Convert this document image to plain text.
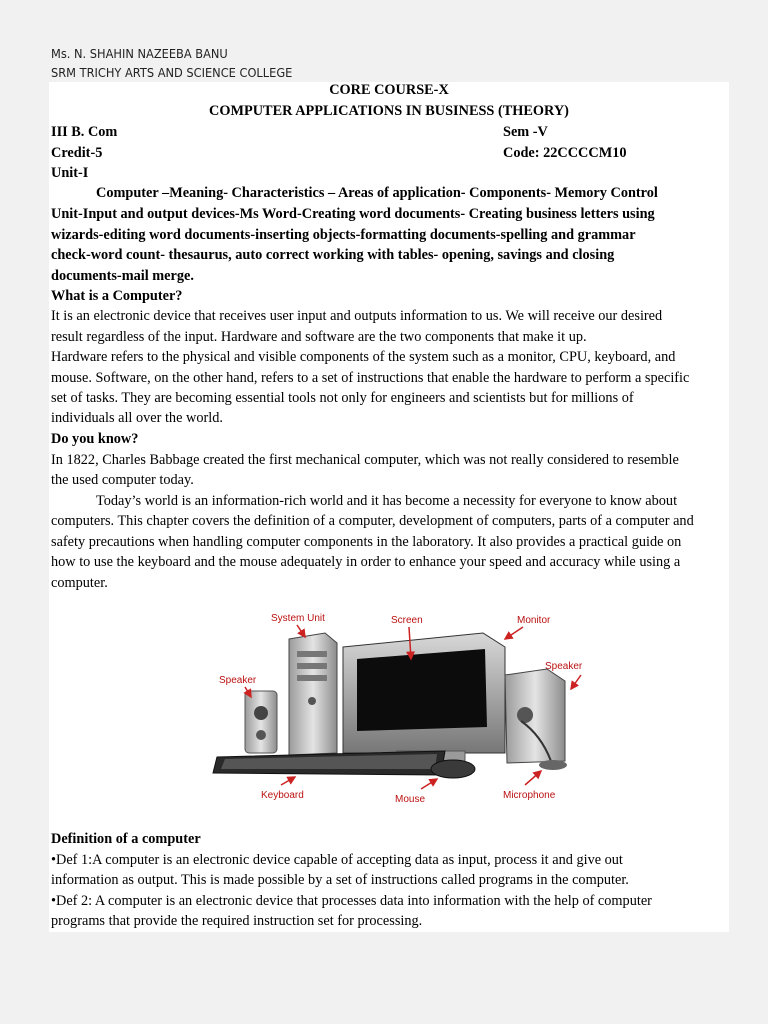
Ms. N. SHAHIN NAZEEBA BANU
SRM TRICHY ARTS AND SCIENCE COLLEGE
CORE COURSE-X
COMPUTER APPLICATIONS IN BUSINESS (THEORY)
III B. Com	Sem -V
Credit-5	Code: 22CCCCM10
Unit-I
Computer –Meaning- Characteristics – Areas of application- Components- Memory Control
Unit-Input and output devices-Ms Word-Creating word documents- Creating business letters using
wizards-editing word documents-inserting objects-formatting documents-spelling and grammar
check-word count- thesaurus, auto correct working with tables- opening, savings and closing
documents-mail merge.
What is a Computer?
It is an electronic device that receives user input and outputs information to us. We will receive our desired
result regardless of the input. Hardware and software are the two components that make it up.
Hardware refers to the physical and visible components of the system such as a monitor, CPU, keyboard, and
mouse. Software, on the other hand, refers to a set of instructions that enable the hardware to perform a specific
set of tasks. They are becoming essential tools not only for engineers and scientists but for millions of
individuals all over the world.
Do you know?
In 1822, Charles Babbage created the first mechanical computer, which was not really considered to resemble
the used computer today.
Today’s world is an information-rich world and it has become a necessity for everyone to know about
computers. This chapter covers the definition of a computer, development of computers, parts of a computer and
safety precautions when handling computer components in the laboratory. It also provides a practical guide on
how to use the keyboard and the mouse adequately in order to enhance your speed and accuracy while using a
computer.
System Unit	Screen	Monitor
Speaker
Speaker
Keyboard	Mouse	Microphone
Definition of a computer
•Def 1:A computer is an electronic device capable of accepting data as input, process it and give out
information as output. This is made possible by a set of instructions called programs in the computer.
•Def 2: A computer is an electronic device that processes data into information with the help of computer
programs that provide the required instruction set for processing.
